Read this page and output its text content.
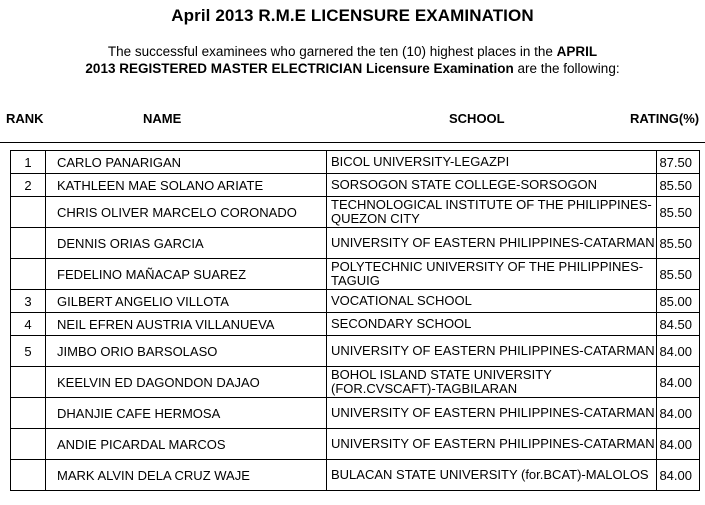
April 2013 R.M.E LICENSURE EXAMINATION
The successful examinees who garnered the ten (10) highest places in the APRIL
2013 REGISTERED MASTER ELECTRICIAN Licensure Examination are the following:
RANK	NAME	SCHOOL	RATING(%)
1	CARLO PANARIGAN	BICOL UNIVERSITY-LEGAZPI	87.50
2	KATHLEEN MAE SOLANO ARIATE	SORSOGON STATE COLLEGE-SORSOGON	85.50
	CHRIS OLIVER MARCELO CORONADO	TECHNOLOGICAL INSTITUTE OF THE PHILIPPINES-QUEZON CITY	85.50
	DENNIS ORIAS GARCIA	UNIVERSITY OF EASTERN PHILIPPINES-CATARMAN	85.50
	FEDELINO MAÑACAP SUAREZ	POLYTECHNIC UNIVERSITY OF THE PHILIPPINES-TAGUIG	85.50
3	GILBERT ANGELIO VILLOTA	VOCATIONAL SCHOOL	85.00
4	NEIL EFREN AUSTRIA VILLANUEVA	SECONDARY SCHOOL	84.50
5	JIMBO ORIO BARSOLASO	UNIVERSITY OF EASTERN PHILIPPINES-CATARMAN	84.00
	KEELVIN ED DAGONDON DAJAO	BOHOL ISLAND STATE UNIVERSITY (FOR.CVSCAFT)-TAGBILARAN	84.00
	DHANJIE CAFE HERMOSA	UNIVERSITY OF EASTERN PHILIPPINES-CATARMAN	84.00
	ANDIE PICARDAL MARCOS	UNIVERSITY OF EASTERN PHILIPPINES-CATARMAN	84.00
	MARK ALVIN DELA CRUZ WAJE	BULACAN STATE UNIVERSITY (for.BCAT)-MALOLOS	84.00
